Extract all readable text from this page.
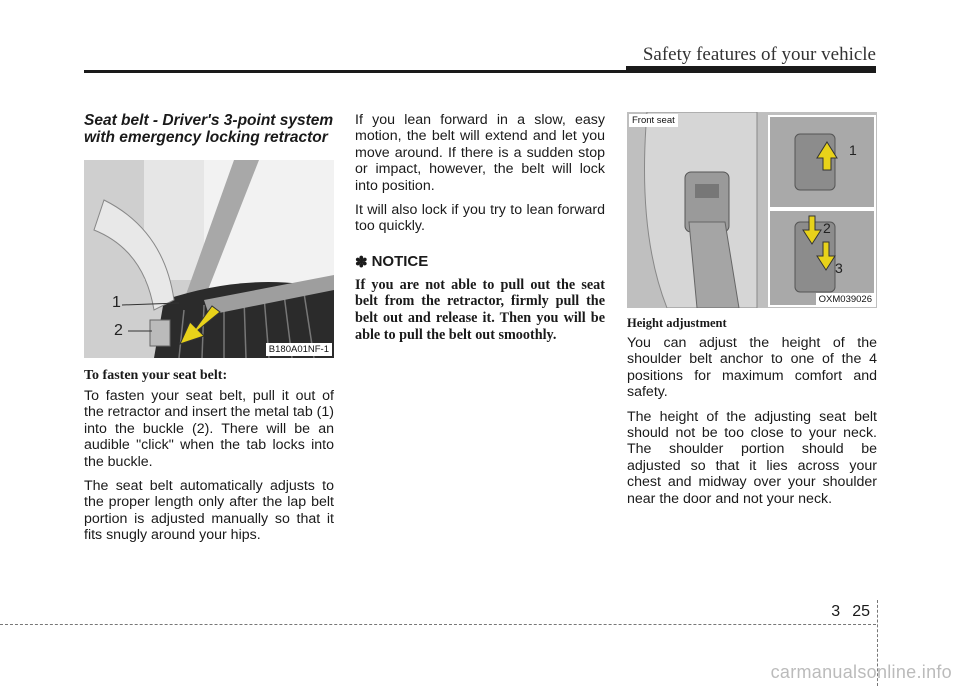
Safety features of your vehicle
Seat belt - Driver's 3-point system with emergency locking retractor
1
2
B180A01NF-1
To fasten your seat belt:

To fasten your seat belt, pull it out of the retractor and insert the metal tab (1) into the buckle (2). There will be an audible "click" when the tab locks into the buckle.

The seat belt automatically adjusts to the proper length only after the lap belt portion is adjusted manually so that it fits snugly around your hips.

If you lean forward in a slow, easy motion, the belt will extend and let you move around. If there is a sudden stop or impact, however, the belt will lock into position.

It will also lock if you try to lean forward too quickly.

✽ NOTICE

If you are not able to pull out the seat belt from the retractor, firmly pull the belt out and release it. Then you will be able to pull the belt out smoothly.

Front seat
1
2
3
OXM039026
Height adjustment

You can adjust the height of the shoulder belt anchor to one of the 4 positions for maximum comfort and safety.

The height of the adjusting seat belt should not be too close to your neck. The shoulder portion should be adjusted so that it lies across your chest and midway over your shoulder near the door and not your neck.

3 25
carmanualsonline.info
